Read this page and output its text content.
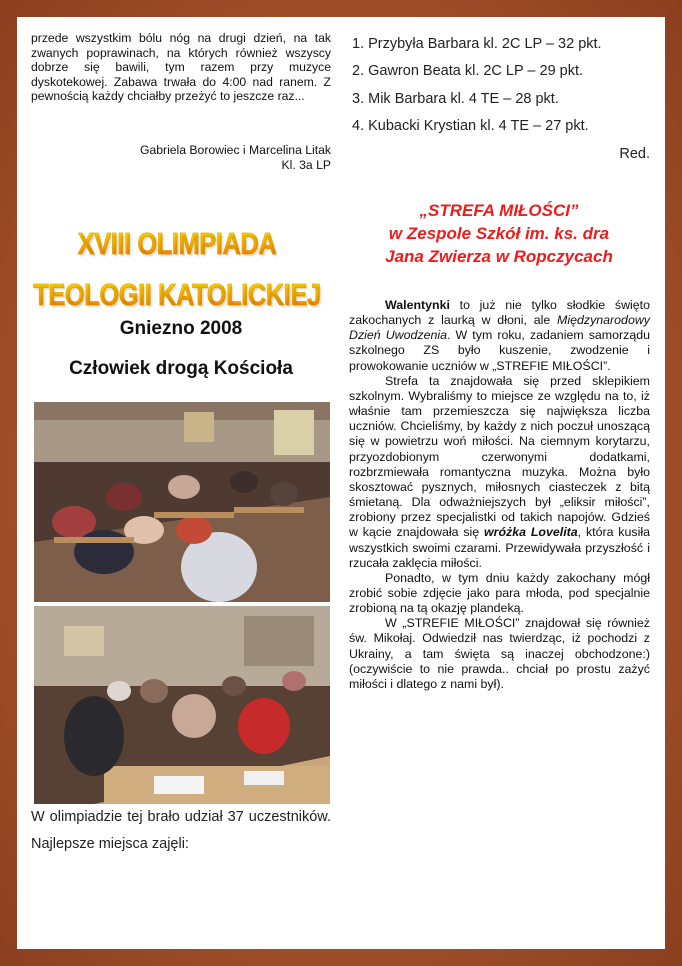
przede wszystkim bólu nóg na drugi dzień, na tak zwanych poprawinach, na których również wszyscy dobrze się bawili, tym razem przy muzyce dyskotekowej. Zabawa trwała do 4:00 nad ranem. Z pewnością każdy chciałby przeżyć to jeszcze raz...
Gabriela Borowiec i Marcelina Litak
Kl. 3a LP
1. Przybyła Barbara kl. 2C LP – 32 pkt.
2. Gawron Beata kl. 2C LP – 29 pkt.
3. Mik Barbara kl. 4 TE – 28 pkt.
4. Kubacki Krystian kl. 4 TE – 27 pkt.
Red.
XVIII OLIMPIADA
TEOLOGII KATOLICKIEJ
Gniezno 2008
Człowiek drogą Kościoła
W olimpiadzie tej brało udział 37 uczestników. Najlepsze miejsca zajęli:
„STREFA MIŁOŚCI”
w Zespole Szkół im. ks. dra
Jana Zwierza w Ropczycach

Walentynki to już nie tylko słodkie święto zakochanych z laurką w dłoni, ale Międzynarodowy Dzień Uwodzenia. W tym roku, zadaniem samorządu szkolnego ZS było kuszenie, zwodzenie i prowokowanie uczniów w „STREFIE MIŁOŚCI”.

Strefa ta znajdowała się przed sklepikiem szkolnym. Wybraliśmy to miejsce ze względu na to, iż właśnie tam przemieszcza się największa liczba uczniów. Chcieliśmy, by każdy z nich poczuł unoszącą się w powietrzu woń miłości. Na ciemnym korytarzu, przyozdobionym czerwonymi dodatkami, rozbrzmiewała romantyczna muzyka. Można było skosztować pysznych, miłosnych ciasteczek z bitą śmietaną. Dla odważniejszych był „eliksir miłości”, zrobiony przez specjalistki od takich napojów. Gdzieś w kącie znajdowała się wróżka Lovelita, która kusiła wszystkich swoimi czarami. Przewidywała przyszłość i rzucała zaklęcia miłości.

Ponadto, w tym dniu każdy zakochany mógł zrobić sobie zdjęcie jako para młoda, pod specjalnie zrobioną na tą okazję plandeką.

W „STREFIE MIŁOŚCI” znajdował się również św. Mikołaj. Odwiedził nas twierdząc, iż pochodzi z Ukrainy, a tam święta są inaczej obchodzone:) (oczywiście to nie prawda.. chciał po prostu zażyć miłości i dlatego z nami był).
